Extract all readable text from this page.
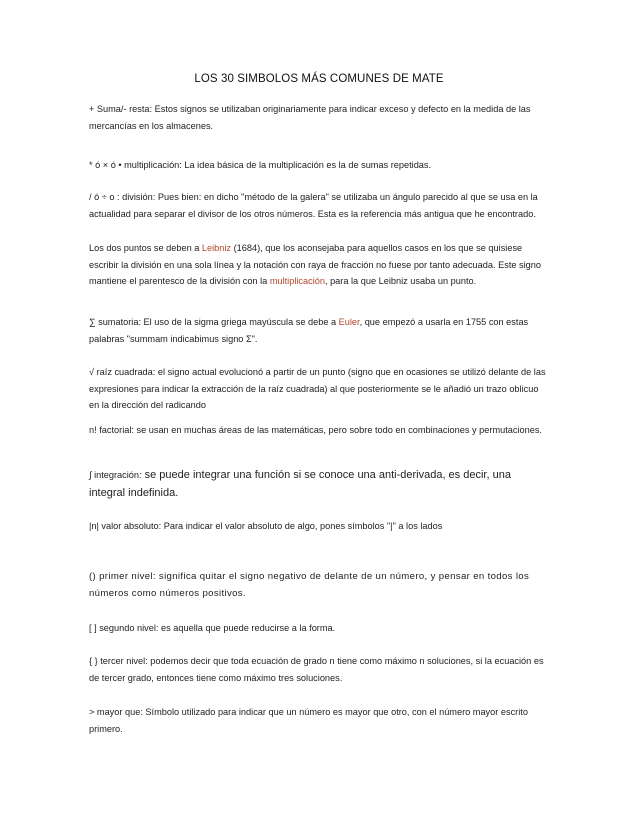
LOS 30 SIMBOLOS MÁS COMUNES DE MATE

+ Suma/- resta: Estos signos se utilizaban originariamente para indicar exceso y defecto en la medida de las mercancías en los almacenes.

* ó × ó • multiplicación: La idea básica de la multiplicación es la de sumas repetidas.

/ ó ÷ o : división: Pues bien: en dicho "método de la galera" se utilizaba un ángulo parecido al que se usa en la actualidad para separar el divisor de los otros números. Esta es la referencia más antigua que he encontrado.

Los dos puntos se deben a Leibniz (1684), que los aconsejaba para aquellos casos en los que se quisiese escribir la división en una sola línea y la notación con raya de fracción no fuese por tanto adecuada. Este signo mantiene el parentesco de la división con la multiplicación, para la que Leibniz usaba un punto.

∑ sumatoria: El uso de la sigma griega mayúscula se debe a Euler, que empezó a usarla en 1755 con estas palabras "summam indicabimus signo Σ".

√ raíz cuadrada: el signo actual evolucionó a partir de un punto (signo que en ocasiones se utilizó delante de las expresiones para indicar la extracción de la raíz cuadrada) al que posteriormente se le añadió un trazo oblicuo en la dirección del radicando

n! factorial: se usan en muchas áreas de las matemáticas, pero sobre todo en combinaciones y permutaciones.

∫ integración: se puede integrar una función si se conoce una anti-derivada, es decir, una integral indefinida.

|n| valor absoluto: Para indicar el valor absoluto de algo, pones símbolos "|" a los lados

() primer nivel: significa quitar el signo negativo de delante de un número, y pensar en todos los números como números positivos.

[ ] segundo nivel: es aquella que puede reducirse a la forma.

{ } tercer nivel: podemos decir que toda ecuación de grado n tiene como máximo n soluciones, si la ecuación es de tercer grado, entonces tiene como máximo tres soluciones.

> mayor que: Símbolo utilizado para indicar que un número es mayor que otro, con el número mayor escrito primero.
